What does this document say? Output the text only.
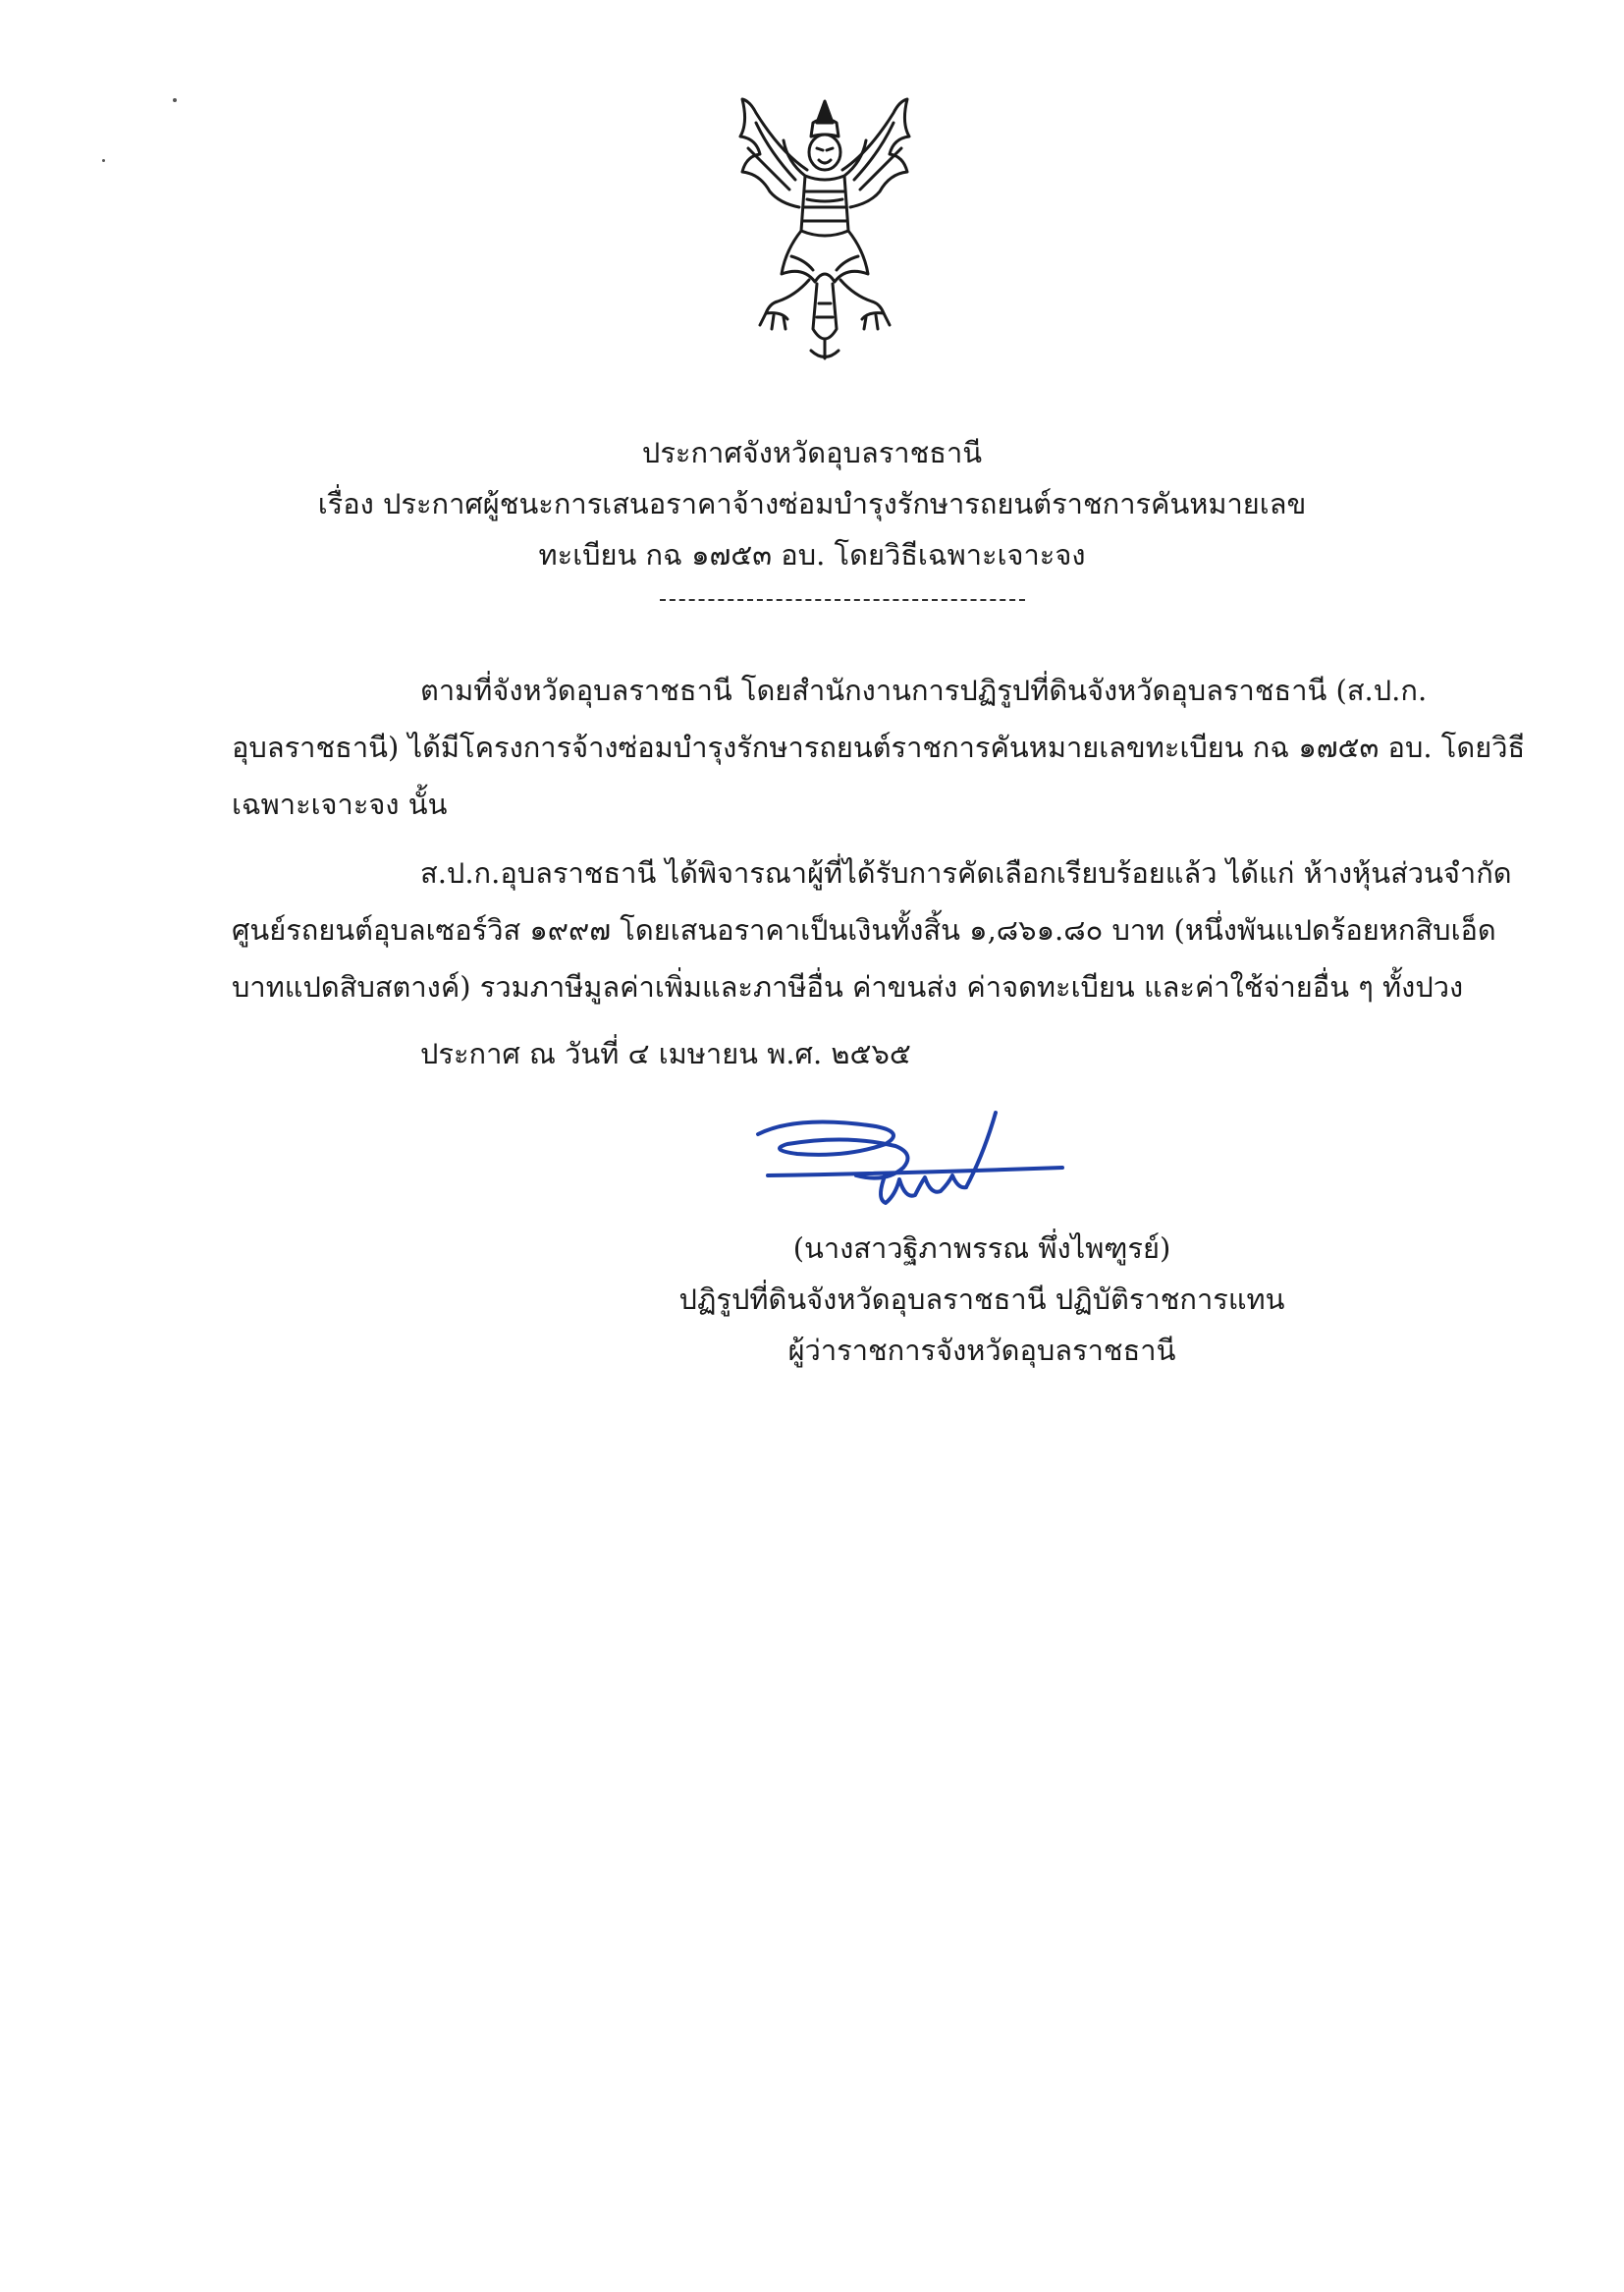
ประกาศจังหวัดอุบลราชธานี
เรื่อง ประกาศผู้ชนะการเสนอราคาจ้างซ่อมบำรุงรักษารถยนต์ราชการคันหมายเลข
ทะเบียน กฉ ๑๗๕๓ อบ. โดยวิธีเฉพาะเจาะจง
ตามที่จังหวัดอุบลราชธานี โดยสำนักงานการปฏิรูปที่ดินจังหวัดอุบลราชธานี (ส.ป.ก.
อุบลราชธานี) ได้มีโครงการจ้างซ่อมบำรุงรักษารถยนต์ราชการคันหมายเลขทะเบียน กฉ ๑๗๕๓ อบ. โดยวิธี
เฉพาะเจาะจง นั้น
ส.ป.ก.อุบลราชธานี ได้พิจารณาผู้ที่ได้รับการคัดเลือกเรียบร้อยแล้ว ได้แก่ ห้างหุ้นส่วนจำกัด
ศูนย์รถยนต์อุบลเซอร์วิส ๑๙๙๗ โดยเสนอราคาเป็นเงินทั้งสิ้น ๑,๘๖๑.๘๐ บาท (หนึ่งพันแปดร้อยหกสิบเอ็ด
บาทแปดสิบสตางค์) รวมภาษีมูลค่าเพิ่มและภาษีอื่น ค่าขนส่ง ค่าจดทะเบียน และค่าใช้จ่ายอื่น ๆ ทั้งปวง
ประกาศ ณ วันที่ ๔ เมษายน พ.ศ. ๒๕๖๕
(นางสาวฐิภาพรรณ พึ่งไพฑูรย์)
ปฏิรูปที่ดินจังหวัดอุบลราชธานี ปฏิบัติราชการแทน
ผู้ว่าราชการจังหวัดอุบลราชธานี
